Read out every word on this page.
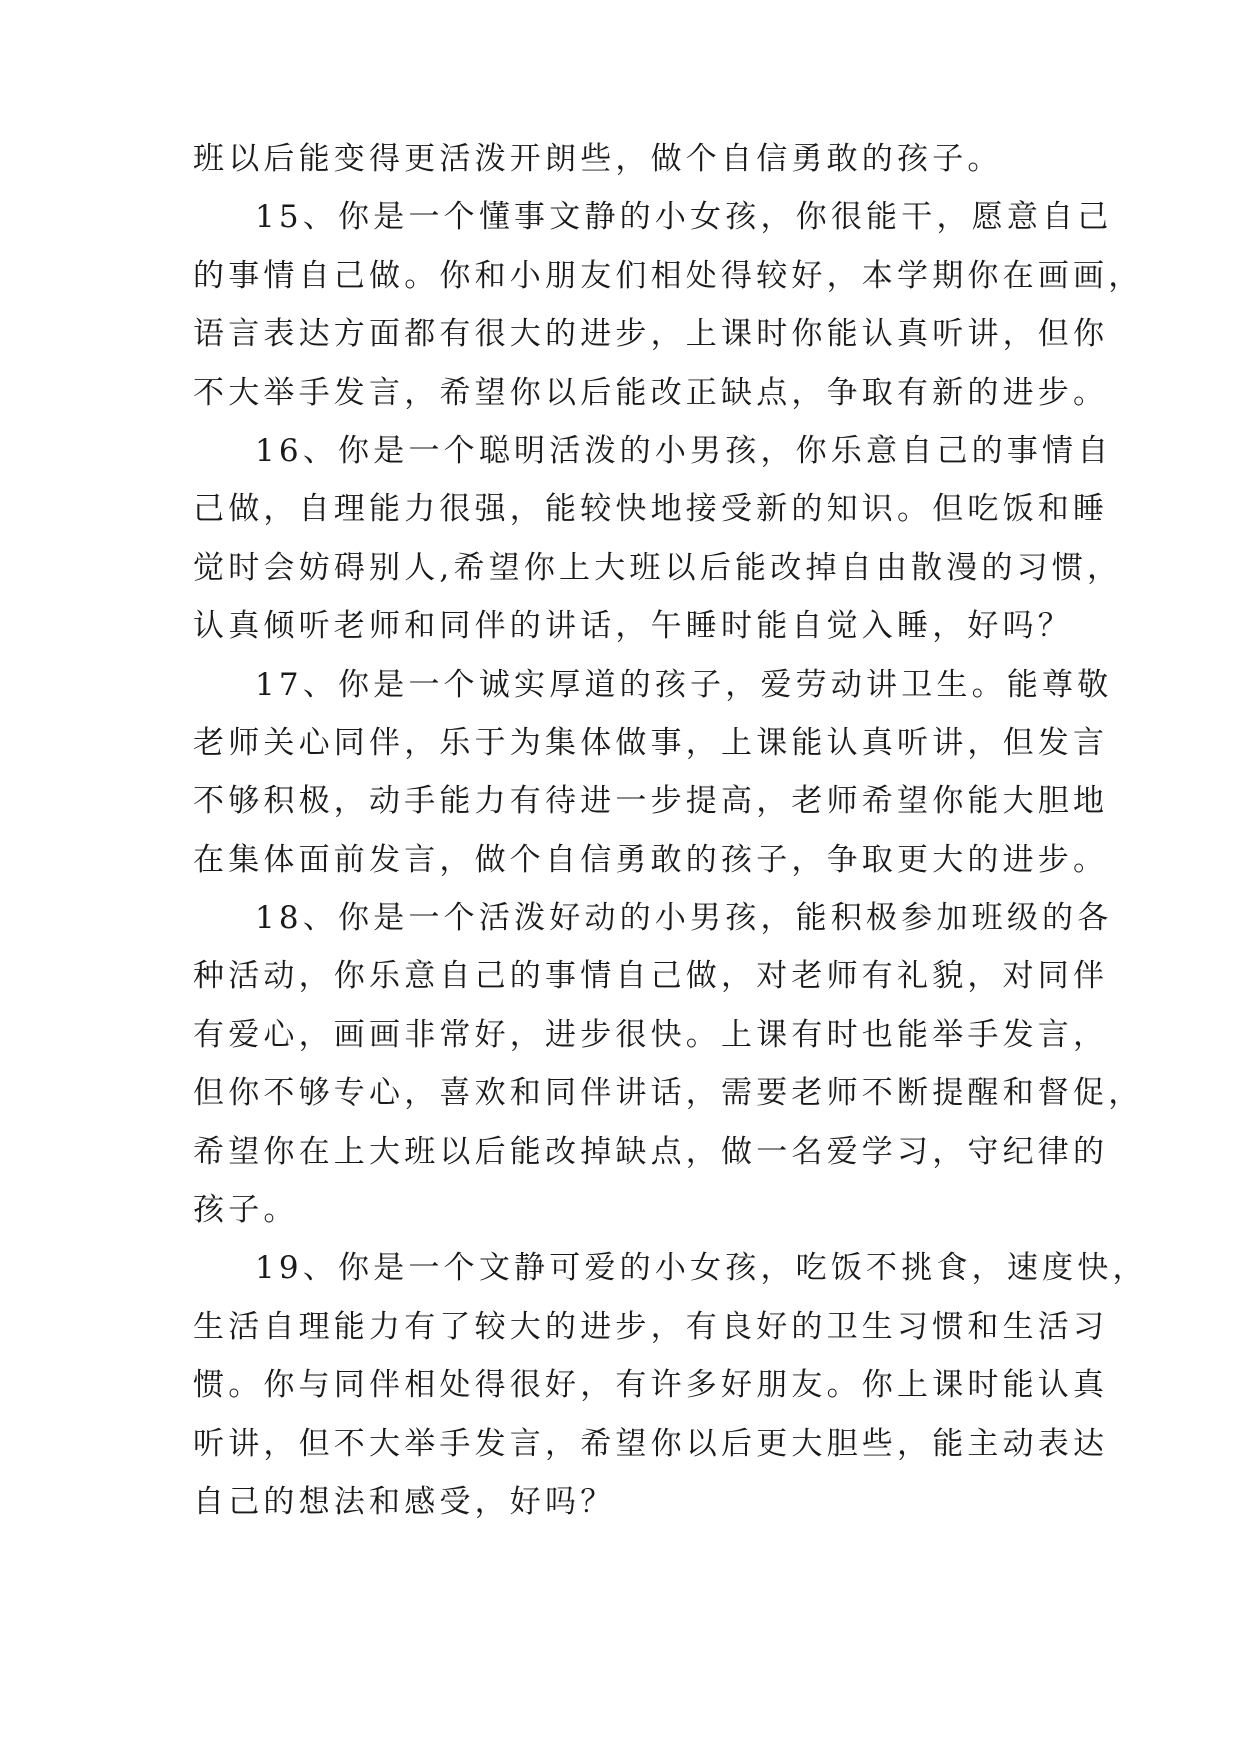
班以后能变得更活泼开朗些，做个自信勇敢的孩子。
15、你是一个懂事文静的小女孩，你很能干，愿意自己
的事情自己做。你和小朋友们相处得较好，本学期你在画画，
语言表达方面都有很大的进步，上课时你能认真听讲，但你
不大举手发言，希望你以后能改正缺点，争取有新的进步。
16、你是一个聪明活泼的小男孩，你乐意自己的事情自
己做，自理能力很强，能较快地接受新的知识。但吃饭和睡
觉时会妨碍别人,希望你上大班以后能改掉自由散漫的习惯，
认真倾听老师和同伴的讲话，午睡时能自觉入睡，好吗？
17、你是一个诚实厚道的孩子，爱劳动讲卫生。能尊敬
老师关心同伴，乐于为集体做事，上课能认真听讲，但发言
不够积极，动手能力有待进一步提高，老师希望你能大胆地
在集体面前发言，做个自信勇敢的孩子，争取更大的进步。
18、你是一个活泼好动的小男孩，能积极参加班级的各
种活动，你乐意自己的事情自己做，对老师有礼貌，对同伴
有爱心，画画非常好，进步很快。上课有时也能举手发言，
但你不够专心，喜欢和同伴讲话，需要老师不断提醒和督促，
希望你在上大班以后能改掉缺点，做一名爱学习，守纪律的
孩子。
19、你是一个文静可爱的小女孩，吃饭不挑食，速度快，
生活自理能力有了较大的进步，有良好的卫生习惯和生活习
惯。你与同伴相处得很好，有许多好朋友。你上课时能认真
听讲，但不大举手发言，希望你以后更大胆些，能主动表达
自己的想法和感受，好吗？
